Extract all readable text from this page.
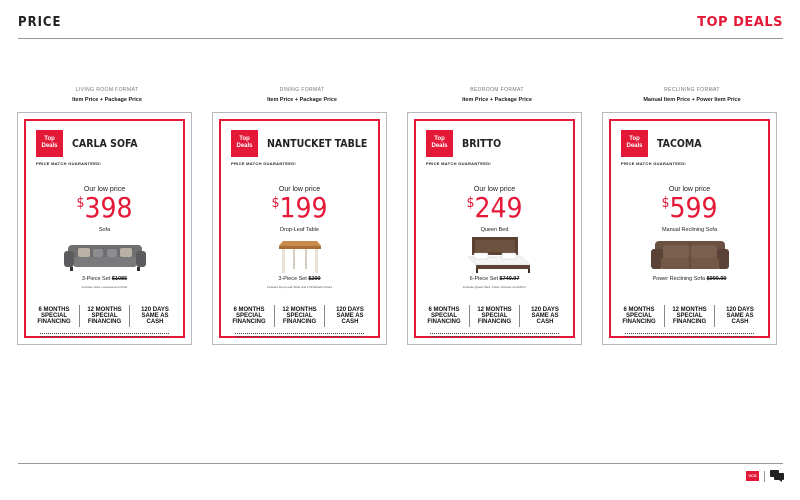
PRICE	TOP DEALS
LIVING ROOM FORMAT
Item Price + Package Price
DINING FORMAT
Item Price + Package Price
BEDROOM FORMAT
Item Price + Package Price
RECLINING FORMAT
Manual Item Price + Power Item Price
Top Deals
PRICE MATCH GUARANTEED!
CARLA SOFA
Our low price
$398
Sofa
3-Piece Set $1085
Includes Sofa, Loveseat and Chair
6 MONTHS SPECIAL FINANCING
12 MONTHS SPECIAL FINANCING
120 DAYS SAME AS CASH
Top Deals
PRICE MATCH GUARANTEED!
NANTUCKET TABLE
Our low price
$199
Drop-Leaf Table
3-Piece Set $299
Includes Drop-Leaf Table and 2 Windback Chairs
6 MONTHS SPECIAL FINANCING
12 MONTHS SPECIAL FINANCING
120 DAYS SAME AS CASH
Top Deals
PRICE MATCH GUARANTEED!
BRITTO
Our low price
$249
Queen Bed
6-Piece Set $749.97
Includes Queen Bed, Chest, Dresser and Mirror
6 MONTHS SPECIAL FINANCING
12 MONTHS SPECIAL FINANCING
120 DAYS SAME AS CASH
Top Deals
PRICE MATCH GUARANTEED!
TACOMA
Our low price
$599
Manual Reclining Sofa
Power Reclining Sofa $999.99
6 MONTHS SPECIAL FINANCING
12 MONTHS SPECIAL FINANCING
120 DAYS SAME AS CASH
VCS
